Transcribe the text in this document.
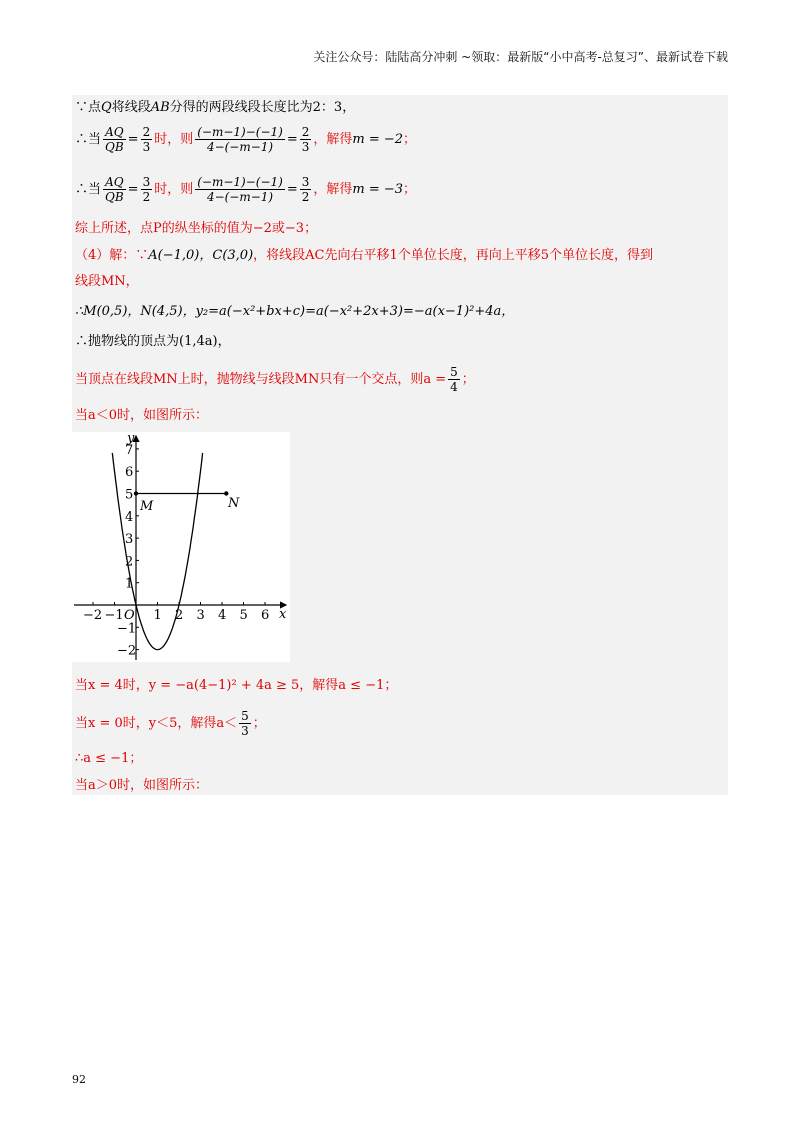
关注公众号：陆陆高分冲刺 ~领取：最新版“小中高考-总复习”、最新试卷下载
∵点 Q 将线段 AB 分得的两段线段长度比为2：3，
∴当 $\frac{AQ}{QB} = \frac{2}{3}$ 时，则 $\frac{(-m-1)-(-1)}{4-(-m-1)} = \frac{2}{3}$ ，解得 m = −2 ；
∴当 $\frac{AQ}{QB} = \frac{3}{2}$ 时，则 $\frac{(-m-1)-(-1)}{4-(-m-1)} = \frac{3}{2}$ ，解得 m = −3 ；
综上所述，点P的纵坐标的值为−2或−3；
（4）解：∵ A(−1,0)，C(3,0) ，将线段AC先向右平移1个单位长度，再向上平移5个单位长度，得到
线段MN，
∴M(0,5)，N(4,5)，y₂=a(−x²+bx+c)=a(−x²+2x+3)=−a(x−1)²+4a，
∴抛物线的顶点为(1,4a)，
当顶点在线段MN上时，抛物线与线段MN只有一个交点，则$a = \frac{5}{4}$ ；
当a＜0时，如图所示：
−2 −1 1 2 3 4 5 6
7
6
5
4
3
2
1
−1
−2
x
y
O
M	N
当x = 4时，y = −a(4−1)² + 4a ≥ 5，解得a ≤ −1；
当x = 0时，y＜5，解得$a< \frac{5}{3}$ ；
∴a ≤ −1；
当a＞0时，如图所示：
92
